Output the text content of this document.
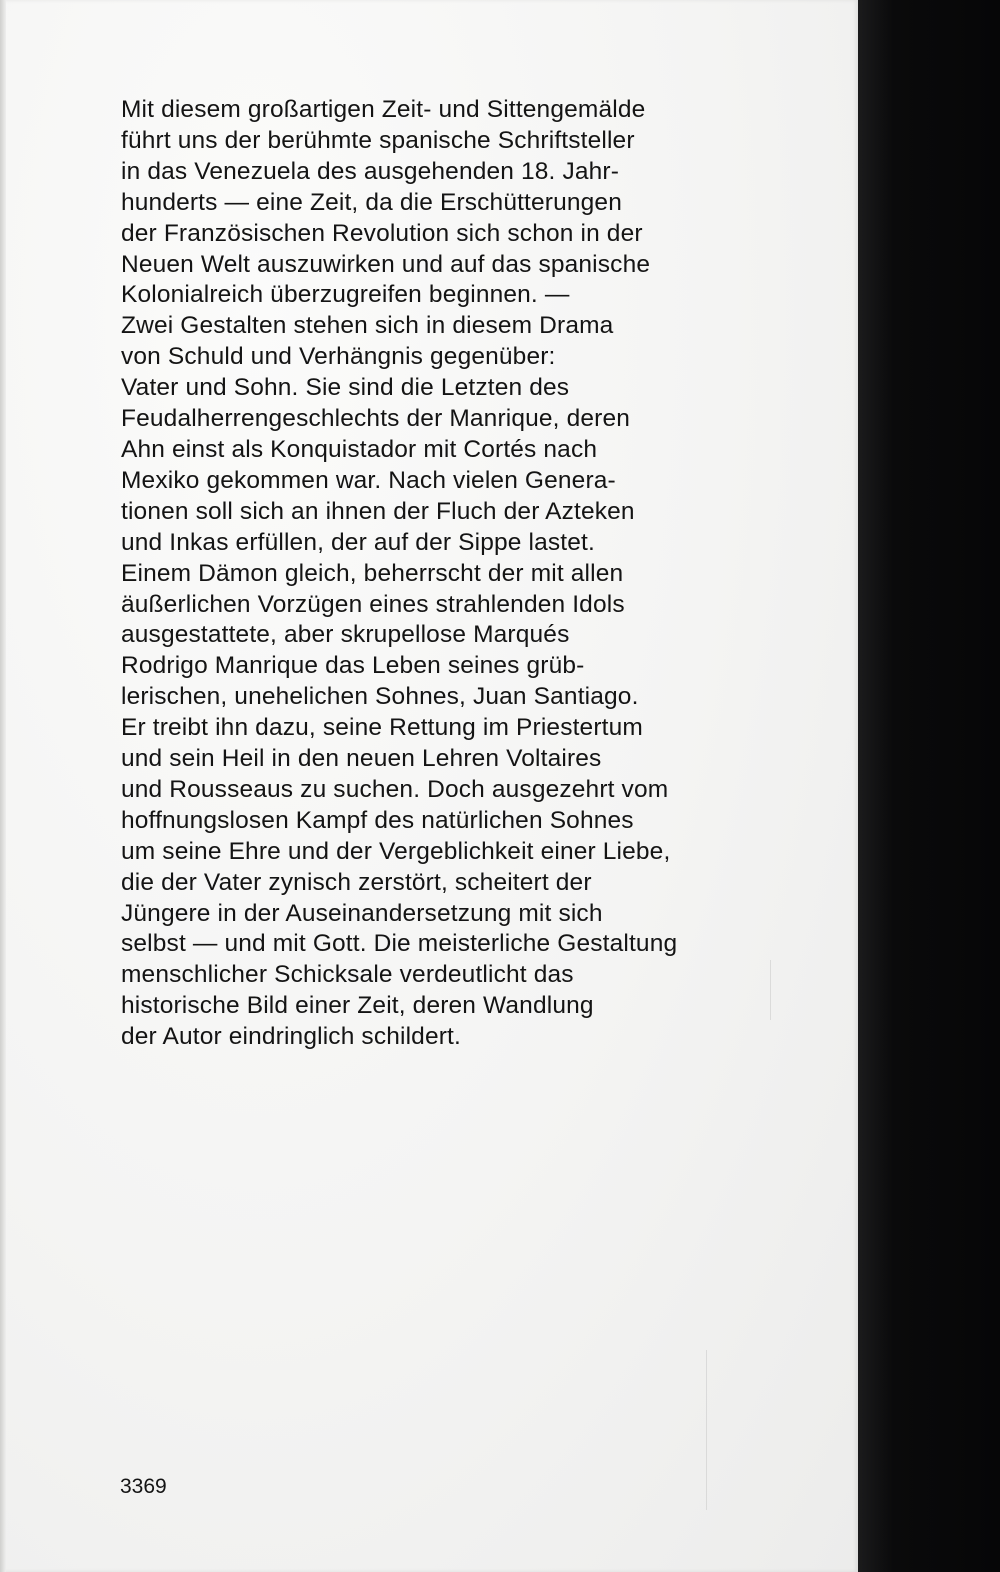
Mit diesem großartigen Zeit- und Sittengemälde
führt uns der berühmte spanische Schriftsteller
in das Venezuela des ausgehenden 18. Jahr-
hunderts — eine Zeit, da die Erschütterungen
der Französischen Revolution sich schon in der
Neuen Welt auszuwirken und auf das spanische
Kolonialreich überzugreifen beginnen. —
Zwei Gestalten stehen sich in diesem Drama
von Schuld und Verhängnis gegenüber:
Vater und Sohn. Sie sind die Letzten des
Feudalherrengeschlechts der Manrique, deren
Ahn einst als Konquistador mit Cortés nach
Mexiko gekommen war. Nach vielen Genera-
tionen soll sich an ihnen der Fluch der Azteken
und Inkas erfüllen, der auf der Sippe lastet.
Einem Dämon gleich, beherrscht der mit allen
äußerlichen Vorzügen eines strahlenden Idols
ausgestattete, aber skrupellose Marqués
Rodrigo Manrique das Leben seines grüb-
lerischen, unehelichen Sohnes, Juan Santiago.
Er treibt ihn dazu, seine Rettung im Priestertum
und sein Heil in den neuen Lehren Voltaires
und Rousseaus zu suchen. Doch ausgezehrt vom
hoffnungslosen Kampf des natürlichen Sohnes
um seine Ehre und der Vergeblichkeit einer Liebe,
die der Vater zynisch zerstört, scheitert der
Jüngere in der Auseinandersetzung mit sich
selbst — und mit Gott. Die meisterliche Gestaltung
menschlicher Schicksale verdeutlicht das
historische Bild einer Zeit, deren Wandlung
der Autor eindringlich schildert.

3369
